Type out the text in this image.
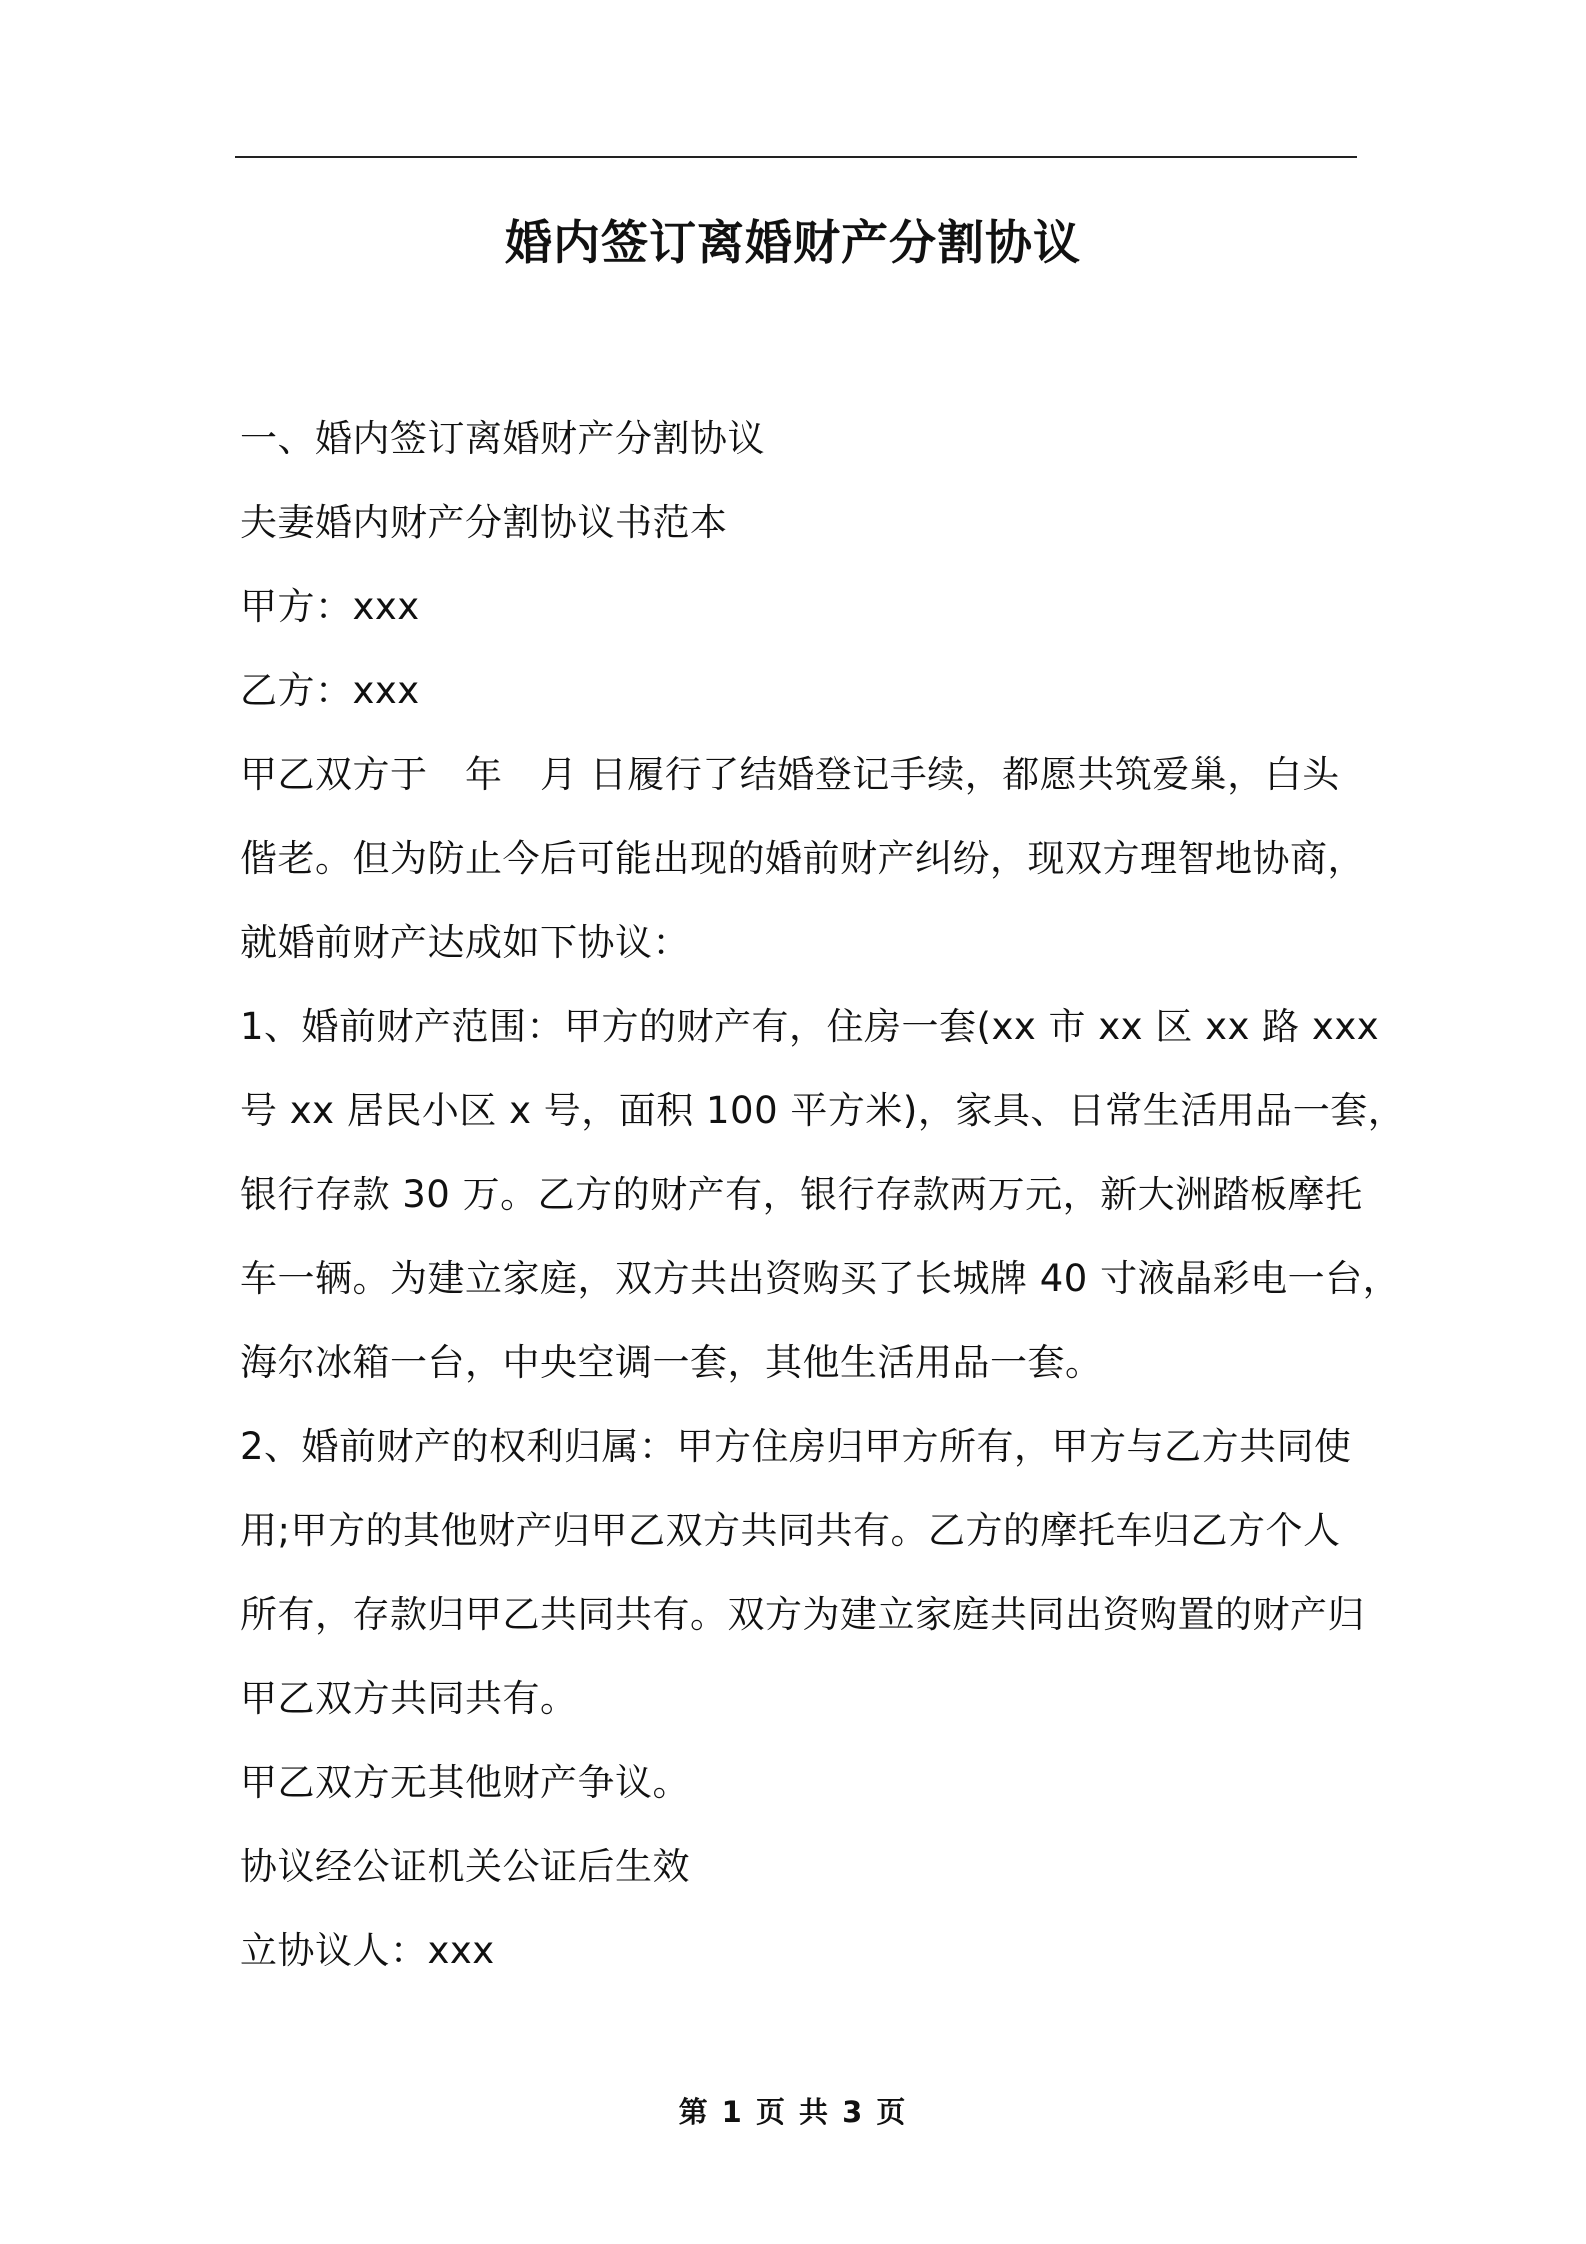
婚内签订离婚财产分割协议
一、婚内签订离婚财产分割协议
夫妻婚内财产分割协议书范本
甲方：xxx
乙方：xxx
甲乙双方于　年　月 日履行了结婚登记手续，都愿共筑爱巢，白头
偕老。但为防止今后可能出现的婚前财产纠纷，现双方理智地协商，
就婚前财产达成如下协议：
1、婚前财产范围：甲方的财产有，住房一套(xx 市 xx 区 xx 路 xxx
号 xx 居民小区 x 号，面积 100 平方米)，家具、日常生活用品一套，
银行存款 30 万。乙方的财产有，银行存款两万元，新大洲踏板摩托
车一辆。为建立家庭，双方共出资购买了长城牌 40 寸液晶彩电一台，
海尔冰箱一台，中央空调一套，其他生活用品一套。
2、婚前财产的权利归属：甲方住房归甲方所有，甲方与乙方共同使
用;甲方的其他财产归甲乙双方共同共有。乙方的摩托车归乙方个人
所有，存款归甲乙共同共有。双方为建立家庭共同出资购置的财产归
甲乙双方共同共有。
甲乙双方无其他财产争议。
协议经公证机关公证后生效
立协议人：xxx
第 1 页 共 3 页
